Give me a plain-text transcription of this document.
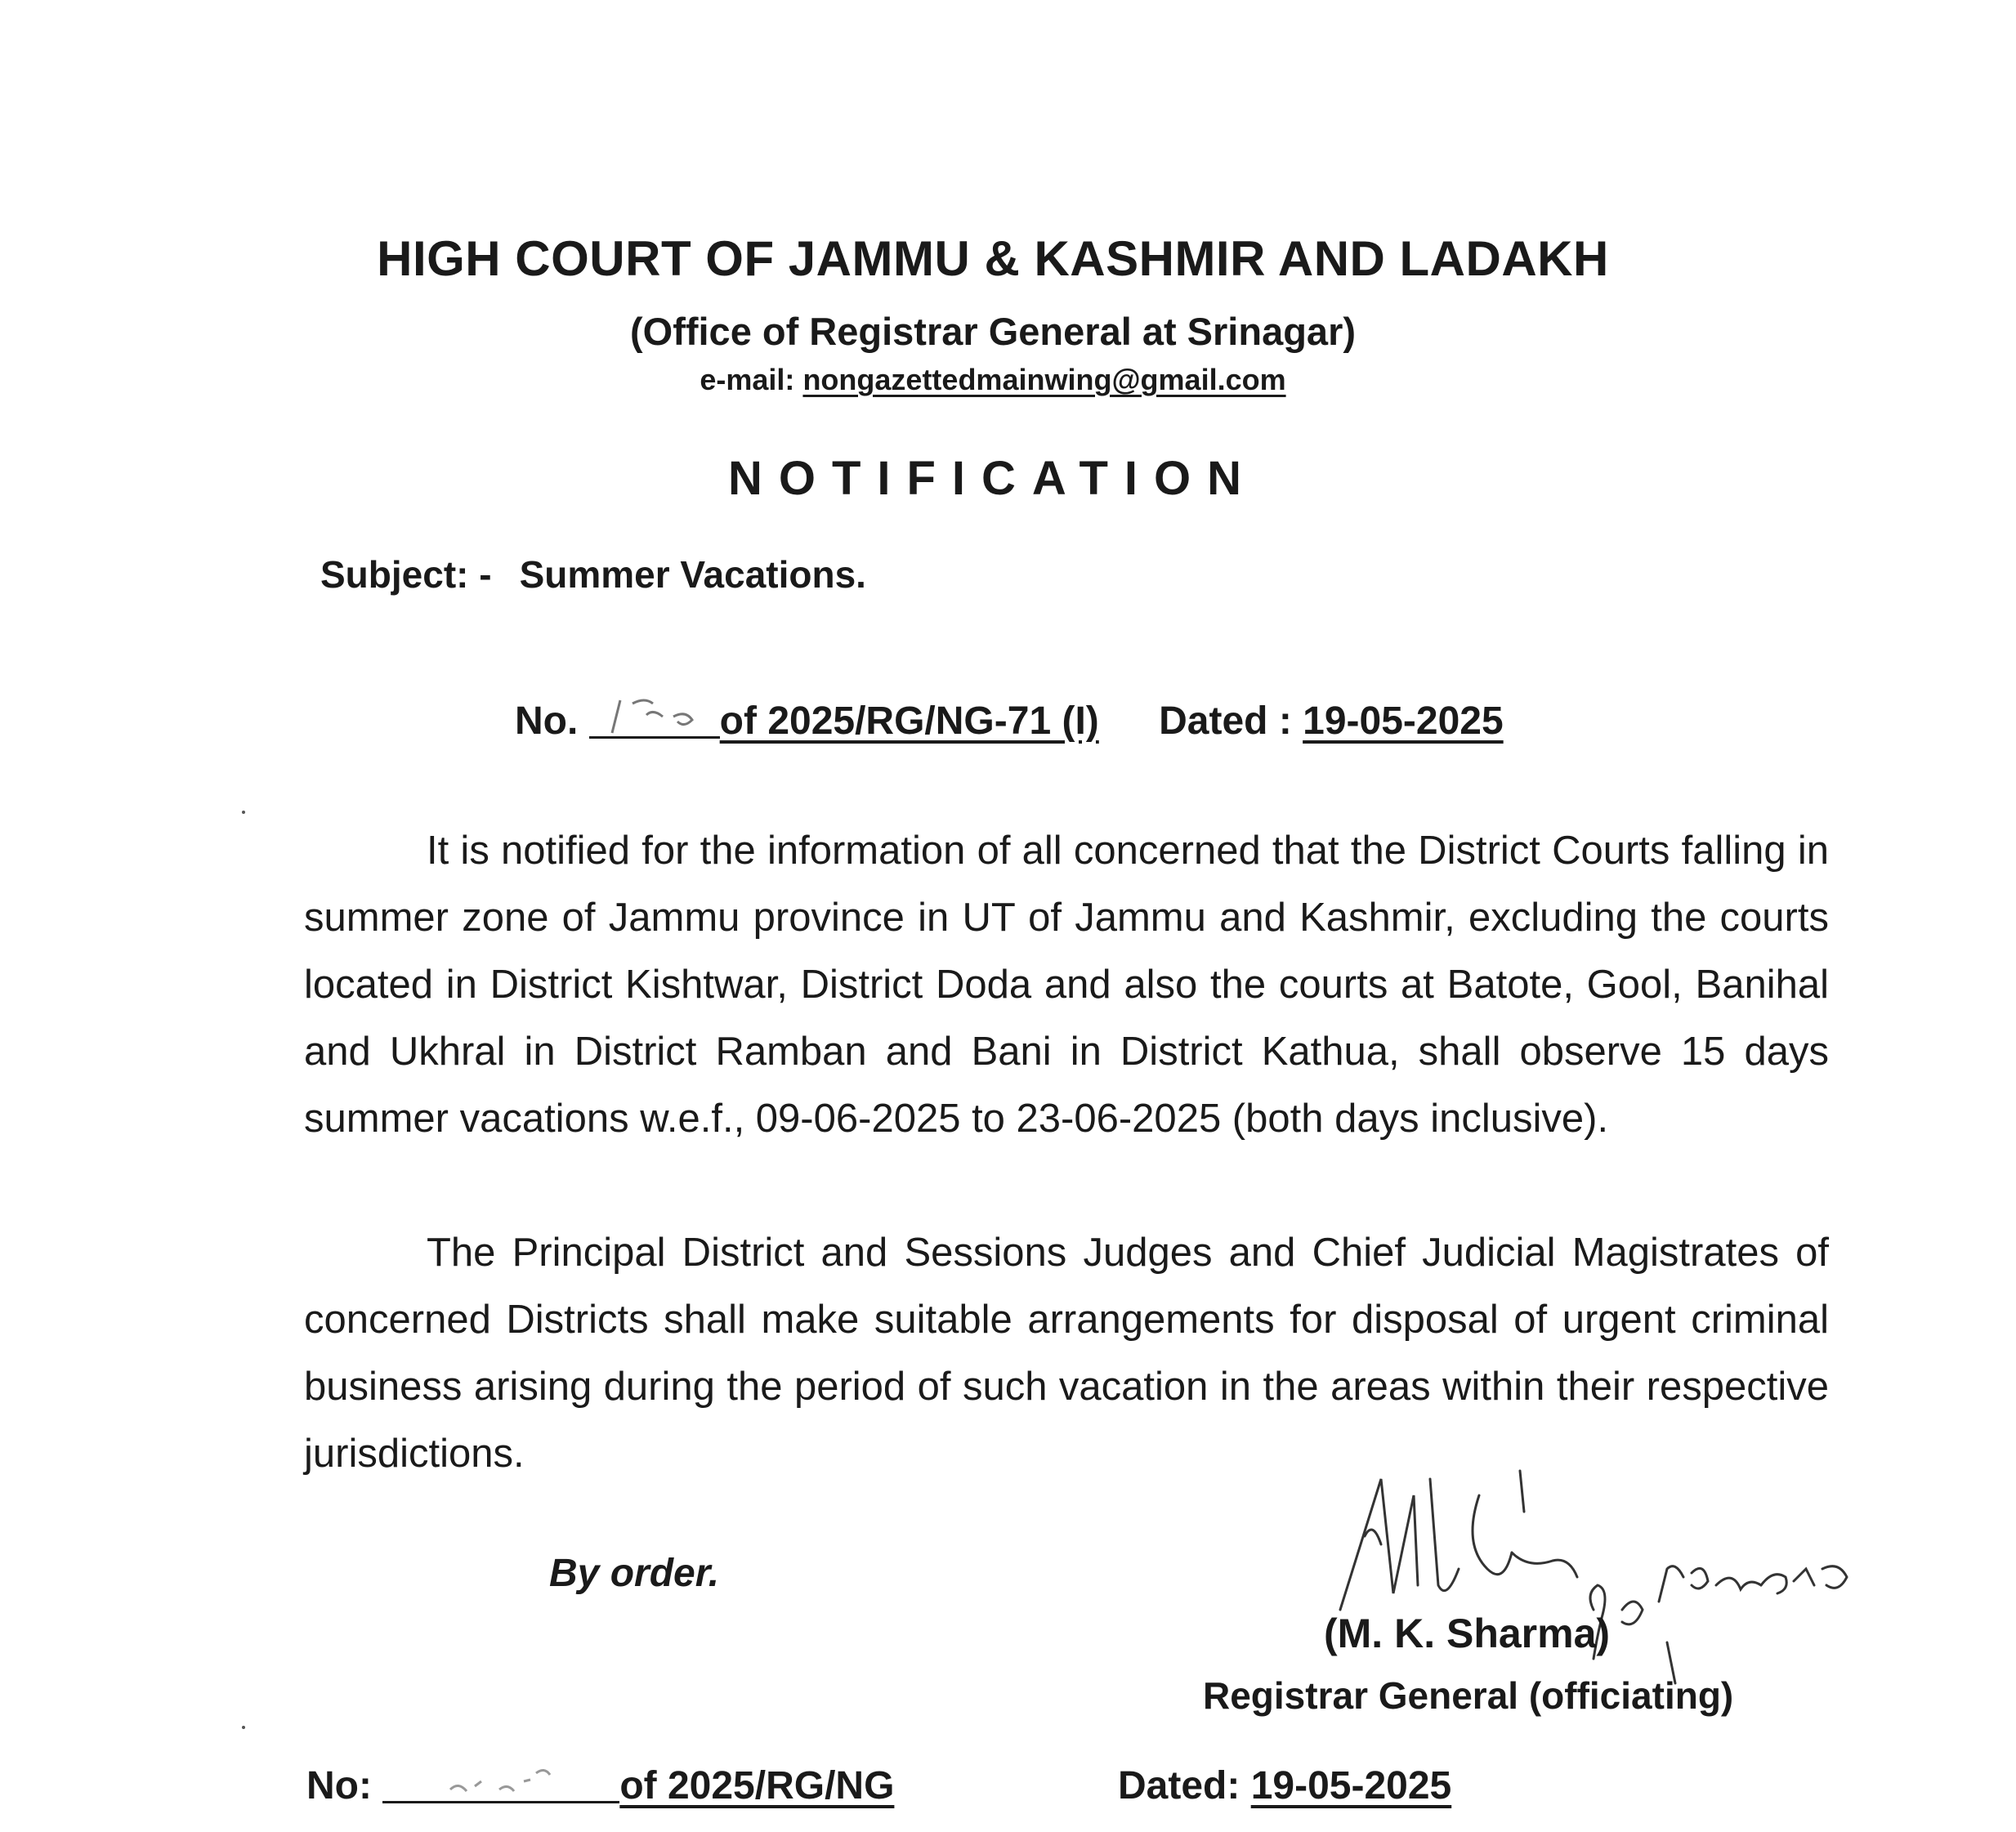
HIGH COURT OF JAMMU & KASHMIR AND LADAKH
(Office of Registrar General at Srinagar)
e-mail: nongazettedmainwing@gmail.com
NOTIFICATION
Subject: - Summer Vacations.
No.	of 2025/RG/NG-71 (I) Dated : 19-05-2025
It is notified for the information of all concerned that the District Courts falling in summer zone of Jammu province in UT of Jammu and Kashmir, excluding the courts located in District Kishtwar, District Doda and also the courts at Batote, Gool, Banihal and Ukhral in District Ramban and Bani in District Kathua, shall observe 15 days summer vacations w.e.f., 09-06-2025 to 23-06-2025 (both days inclusive).
The Principal District and Sessions Judges and Chief Judicial Magistrates of concerned Districts shall make suitable arrangements for disposal of urgent criminal business arising during the period of such vacation in the areas within their respective jurisdictions.
By order.
(M. K. Sharma)
Registrar General (officiating)
No:	of 2025/RG/NG	Dated: 19-05-2025
